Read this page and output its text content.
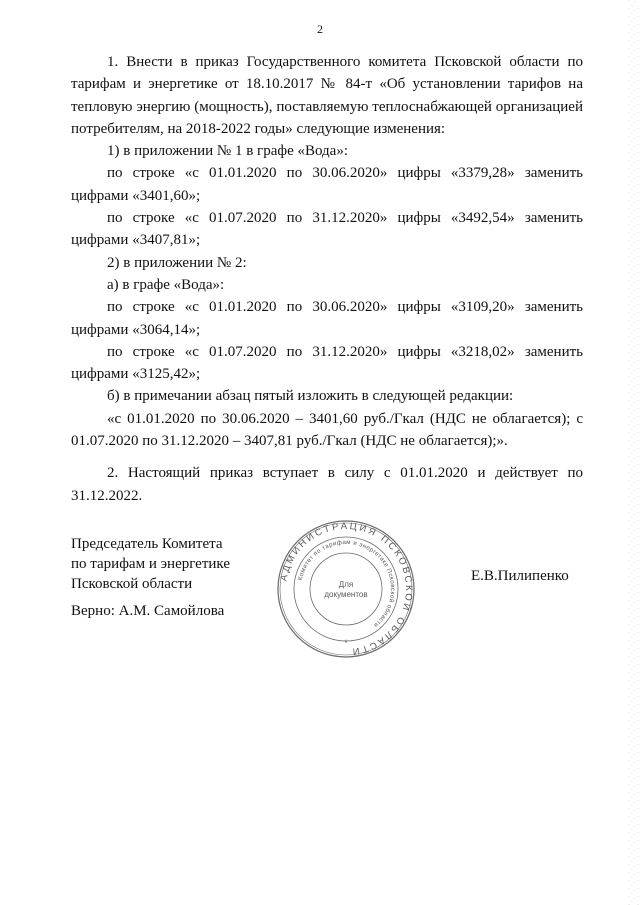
2

1. Внести в приказ Государственного комитета Псковской области по тарифам и энергетике от 18.10.2017 № 84-т «Об установлении тарифов на тепловую энергию (мощность), поставляемую теплоснабжающей организацией потребителям, на 2018-2022 годы» следующие изменения:

1) в приложении № 1 в графе «Вода»:

по строке «с 01.01.2020 по 30.06.2020» цифры «3379,28» заменить цифрами «3401,60»;

по строке «с 01.07.2020 по 31.12.2020» цифры «3492,54» заменить цифрами «3407,81»;

2) в приложении № 2:

а) в графе «Вода»:

по строке «с 01.01.2020 по 30.06.2020» цифры «3109,20» заменить цифрами «3064,14»;

по строке «с 01.07.2020 по 31.12.2020» цифры «3218,02» заменить цифрами «3125,42»;

б) в примечании абзац пятый изложить в следующей редакции:

«с 01.01.2020 по 30.06.2020 – 3401,60 руб./Гкал (НДС не облагается); с 01.07.2020 по 31.12.2020 – 3407,81 руб./Гкал (НДС не облагается);».

2. Настоящий приказ вступает в силу с 01.01.2020 и действует по 31.12.2022.

Председатель Комитета
по тарифам и энергетике
Псковской области
Верно: А.М. Самойлова
Е.В.Пилипенко
АДМИНИСТРАЦИЯ ПСКОВСКОЙ ОБЛАСТИ
Комитет по тарифам и энергетике Псковской области
Для
документов
*
